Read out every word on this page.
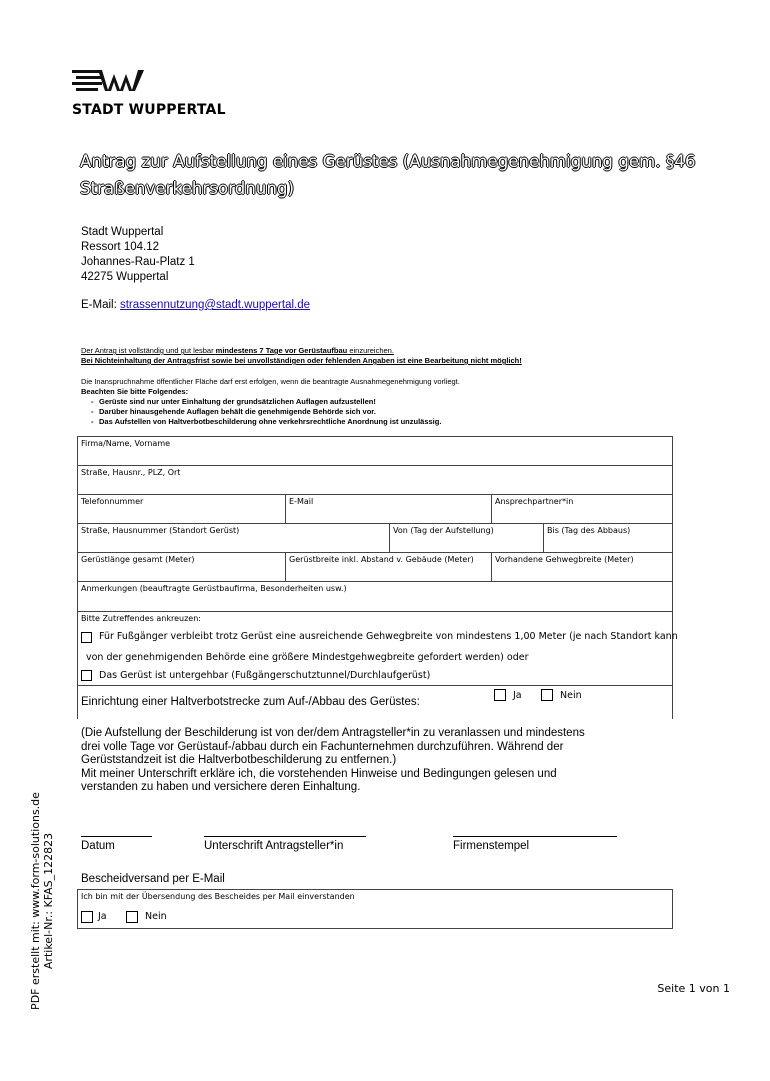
STADT WUPPERTAL
Antrag zur Aufstellung eines Gerüstes (Ausnahmegenehmigung gem. §46 Straßenverkehrsordnung)
Stadt Wuppertal
Ressort 104.12
Johannes-Rau-Platz 1
42275 Wuppertal
E-Mail: strassennutzung@stadt.wuppertal.de
Der Antrag ist vollständig und gut lesbar mindestens 7 Tage vor Gerüstaufbau einzureichen.
Bei Nichteinhaltung der Antragsfrist sowie bei unvollständigen oder fehlenden Angaben ist eine Bearbeitung nicht möglich!
Die Inanspruchnahme öffentlicher Fläche darf erst erfolgen, wenn die beantragte Ausnahmegenehmigung vorliegt.
Beachten Sie bitte Folgendes:
- Gerüste sind nur unter Einhaltung der grundsätzlichen Auflagen aufzustellen!
- Darüber hinausgehende Auflagen behält die genehmigende Behörde sich vor.
- Das Aufstellen von Haltverbotbeschilderung ohne verkehrsrechtliche Anordnung ist unzulässig.
Firma/Name, Vorname
Straße, Hausnr., PLZ, Ort
Telefonnummer	E-Mail	Ansprechpartner*in
Straße, Hausnummer (Standort Gerüst)	Von (Tag der Aufstellung)	Bis (Tag des Abbaus)
Gerüstlänge gesamt (Meter)	Gerüstbreite inkl. Abstand v. Gebäude (Meter)	Vorhandene Gehwegbreite (Meter)
Anmerkungen (beauftragte Gerüstbaufirma, Besonderheiten usw.)
Bitte Zutreffendes ankreuzen:
Für Fußgänger verbleibt trotz Gerüst eine ausreichende Gehwegbreite von mindestens 1,00 Meter (je nach Standort kann
von der genehmigenden Behörde eine größere Mindestgehwegbreite gefordert werden) oder
Das Gerüst ist untergehbar (Fußgängerschutztunnel/Durchlaufgerüst)
Einrichtung einer Haltverbotstrecke zum Auf-/Abbau des Gerüstes:
Ja	Nein
(Die Aufstellung der Beschilderung ist von der/dem Antragsteller*in zu veranlassen und mindestens
drei volle Tage vor Gerüstauf-/abbau durch ein Fachunternehmen durchzuführen. Während der
Gerüststandzeit ist die Haltverbotbeschilderung zu entfernen.)
Mit meiner Unterschrift erkläre ich, die vorstehenden Hinweise und Bedingungen gelesen und
verstanden zu haben und versichere deren Einhaltung.
Datum	Unterschrift Antragsteller*in	Firmenstempel
Bescheidversand per E-Mail
Ich bin mit der Übersendung des Bescheides per Mail einverstanden
Ja	Nein
PDF erstellt mit: www.form-solutions.de Artikel-Nr.: KFAS_122823
Seite 1 von 1
